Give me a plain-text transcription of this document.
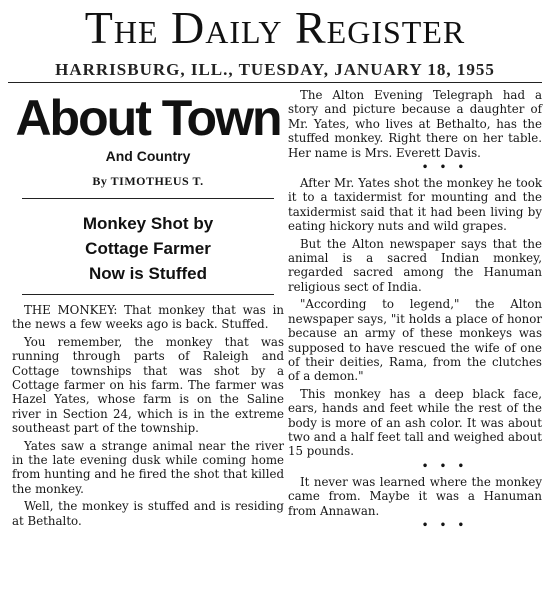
The Daily Register
HARRISBURG, ILL., TUESDAY, JANUARY 18, 1955
About Town
And Country
By TIMOTHEUS T.
Monkey Shot by
Cottage Farmer
Now is Stuffed

THE MONKEY: That monkey that was in the news a few weeks ago is back. Stuffed.

You remember, the monkey that was running through parts of Raleigh and Cottage townships that was shot by a Cottage farmer on his farm. The farmer was Hazel Yates, whose farm is on the Saline river in Section 24, which is in the extreme southeast part of the township.

Yates saw a strange animal near the river in the late evening dusk while coming home from hunting and he fired the shot that killed the monkey.

Well, the monkey is stuffed and is residing at Bethalto.

The Alton Evening Telegraph had a story and picture because a daughter of Mr. Yates, who lives at Bethalto, has the stuffed monkey. Right there on her table. Her name is Mrs. Everett Davis.

• • •

After Mr. Yates shot the monkey he took it to a taxidermist for mounting and the taxidermist said that it had been living by eating hickory nuts and wild grapes.

But the Alton newspaper says that the animal is a sacred Indian monkey, regarded sacred among the Hanuman religious sect of India.

"According to legend," the Alton newspaper says, "it holds a place of honor because an army of these monkeys was supposed to have rescued the wife of one of their deities, Rama, from the clutches of a demon."

This monkey has a deep black face, ears, hands and feet while the rest of the body is more of an ash color. It was about two and a half feet tall and weighed about 15 pounds.

• • •

It never was learned where the monkey came from. Maybe it was a Hanuman from Annawan.

• • •
